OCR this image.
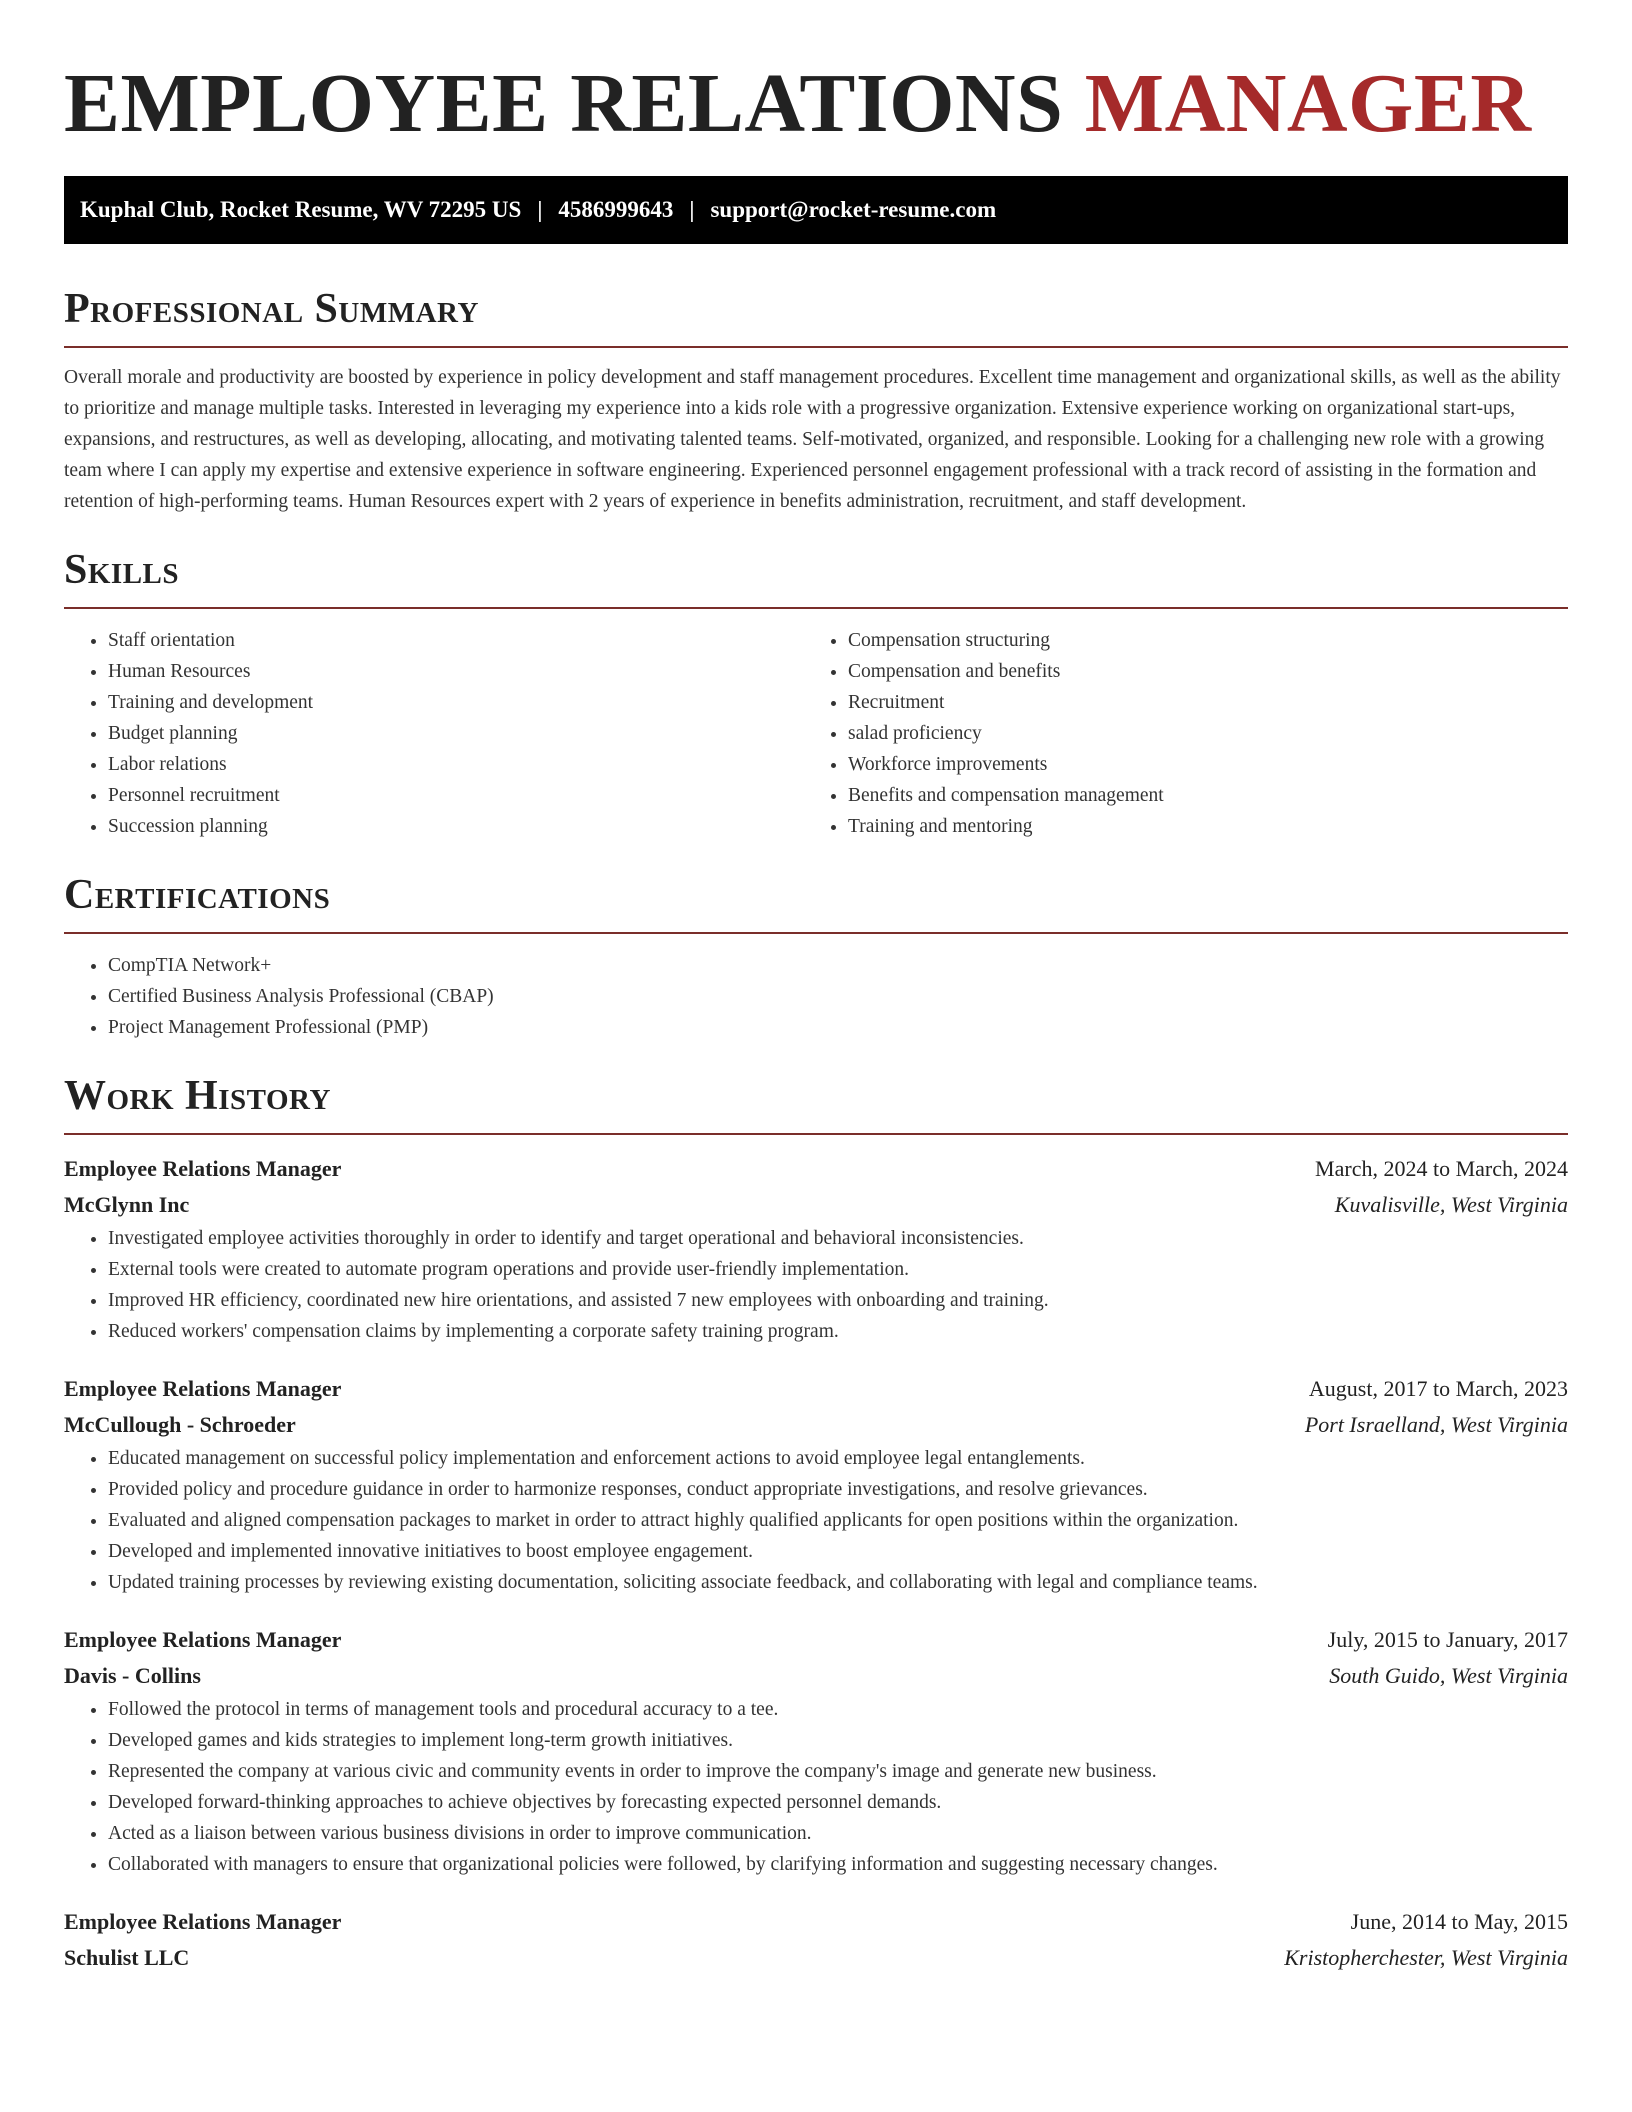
EMPLOYEE RELATIONS MANAGER
Kuphal Club, Rocket Resume, WV 72295 US | 4586999643 | support@rocket-resume.com
Professional Summary

Overall morale and productivity are boosted by experience in policy development and staff management procedures. Excellent time management and organizational skills, as well as the ability to prioritize and manage multiple tasks. Interested in leveraging my experience into a kids role with a progressive organization. Extensive experience working on organizational start-ups, expansions, and restructures, as well as developing, allocating, and motivating talented teams. Self-motivated, organized, and responsible. Looking for a challenging new role with a growing team where I can apply my expertise and extensive experience in software engineering. Experienced personnel engagement professional with a track record of assisting in the formation and retention of high-performing teams. Human Resources expert with 2 years of experience in benefits administration, recruitment, and staff development.

Skills
• Staff orientation
• Human Resources
• Training and development
• Budget planning
• Labor relations
• Personnel recruitment
• Succession planning
• Compensation structuring
• Compensation and benefits
• Recruitment
• salad proficiency
• Workforce improvements
• Benefits and compensation management
• Training and mentoring
Certifications
• CompTIA Network+
• Certified Business Analysis Professional (CBAP)
• Project Management Professional (PMP)
Work History
Employee Relations Manager	March, 2024 to March, 2024
McGlynn Inc	Kuvalisville, West Virginia
• Investigated employee activities thoroughly in order to identify and target operational and behavioral inconsistencies.
• External tools were created to automate program operations and provide user-friendly implementation.
• Improved HR efficiency, coordinated new hire orientations, and assisted 7 new employees with onboarding and training.
• Reduced workers' compensation claims by implementing a corporate safety training program.
Employee Relations Manager	August, 2017 to March, 2023
McCullough - Schroeder	Port Israelland, West Virginia
• Educated management on successful policy implementation and enforcement actions to avoid employee legal entanglements.
• Provided policy and procedure guidance in order to harmonize responses, conduct appropriate investigations, and resolve grievances.
• Evaluated and aligned compensation packages to market in order to attract highly qualified applicants for open positions within the organization.
• Developed and implemented innovative initiatives to boost employee engagement.
• Updated training processes by reviewing existing documentation, soliciting associate feedback, and collaborating with legal and compliance teams.
Employee Relations Manager	July, 2015 to January, 2017
Davis - Collins	South Guido, West Virginia
• Followed the protocol in terms of management tools and procedural accuracy to a tee.
• Developed games and kids strategies to implement long-term growth initiatives.
• Represented the company at various civic and community events in order to improve the company's image and generate new business.
• Developed forward-thinking approaches to achieve objectives by forecasting expected personnel demands.
• Acted as a liaison between various business divisions in order to improve communication.
• Collaborated with managers to ensure that organizational policies were followed, by clarifying information and suggesting necessary changes.
Employee Relations Manager	June, 2014 to May, 2015
Schulist LLC	Kristopherchester, West Virginia
